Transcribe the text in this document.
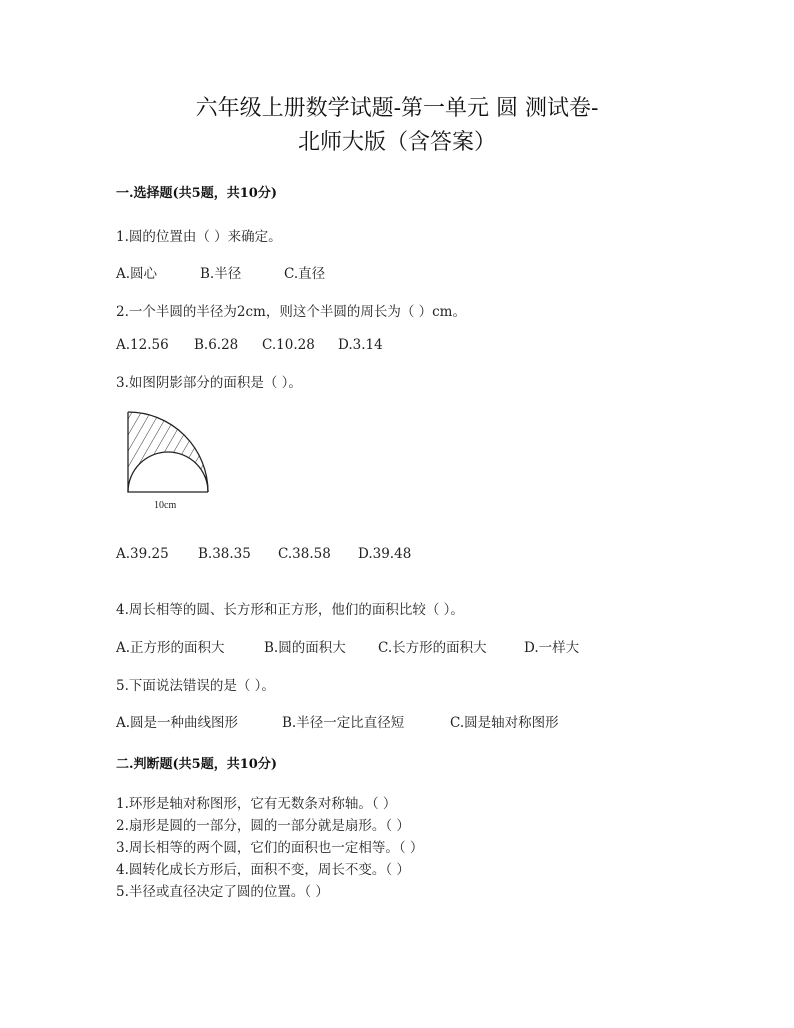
六年级上册数学试题-第一单元 圆 测试卷-
北师大版（含答案）
一.选择题(共5题，共10分)
1.圆的位置由（ ）来确定。
A.圆心	B.半径	C.直径
2.一个半圆的半径为2cm，则这个半圆的周长为（ ）cm。
A.12.56 B.6.28 C.10.28 D.3.14
3.如图阴影部分的面积是（ ）。
10cm
A.39.25 B.38.35 C.38.58 D.39.48
4.周长相等的圆、长方形和正方形，他们的面积比较（ ）。
A.正方形的面积大	B.圆的面积大 C.长方形的面积大	D.一样大
5.下面说法错误的是（ ）。
A.圆是一种曲线图形	B.半径一定比直径短	C.圆是轴对称图形
二.判断题(共5题，共10分)
1.环形是轴对称图形，它有无数条对称轴。（ ）
2.扇形是圆的一部分，圆的一部分就是扇形。（ ）
3.周长相等的两个圆，它们的面积也一定相等。（ ）
4.圆转化成长方形后，面积不变，周长不变。（ ）
5.半径或直径决定了圆的位置。（ ）
